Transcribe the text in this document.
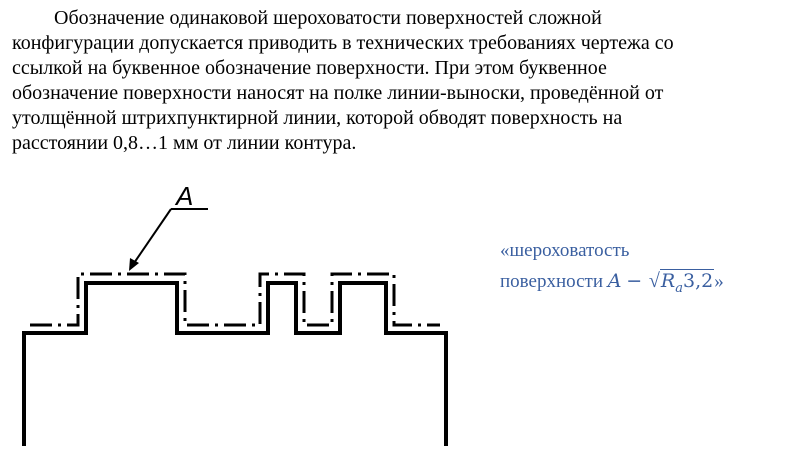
Обозначение одинаковой шероховатости поверхностей сложной
конфигурации допускается приводить в технических требованиях чертежа со
ссылкой на буквенное обозначение поверхности. При этом буквенное
обозначение поверхности наносят на полке линии-выноски, проведённой от
утолщённой штрихпунктирной линии, которой обводят поверхность на
расстоянии 0,8…1 мм от линии контура.
A
«шероховатость
поверхности $A - √R_a3,2$»
